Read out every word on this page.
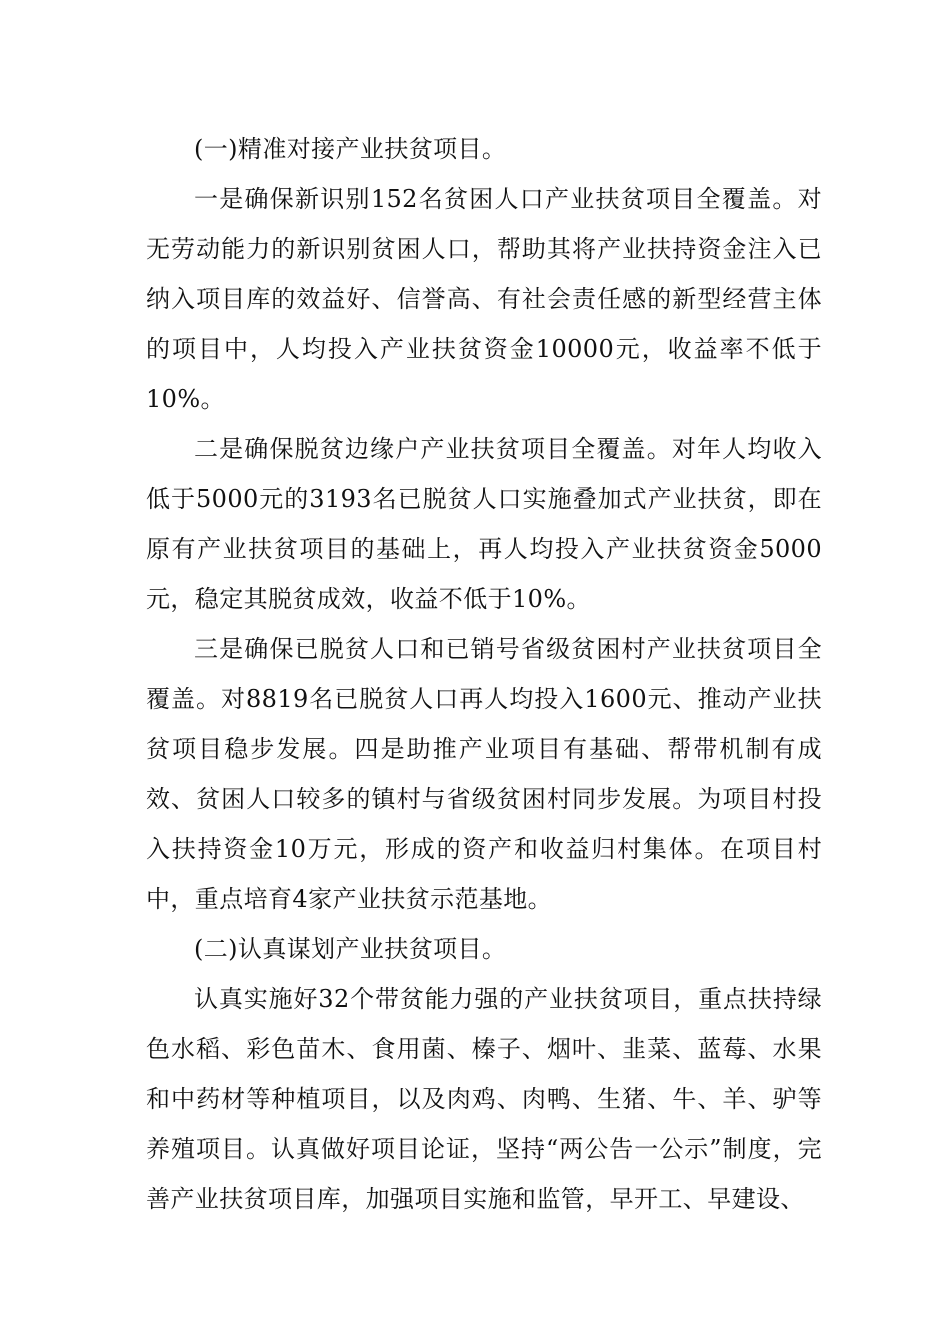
(一)精准对接产业扶贫项目。

一是确保新识别152名贫困人口产业扶贫项目全覆盖。对无劳动能力的新识别贫困人口，帮助其将产业扶持资金注入已纳入项目库的效益好、信誉高、有社会责任感的新型经营主体的项目中，人均投入产业扶贫资金10000元，收益率不低于10%。

二是确保脱贫边缘户产业扶贫项目全覆盖。对年人均收入低于5000元的3193名已脱贫人口实施叠加式产业扶贫，即在原有产业扶贫项目的基础上，再人均投入产业扶贫资金5000元，稳定其脱贫成效，收益不低于10%。

三是确保已脱贫人口和已销号省级贫困村产业扶贫项目全覆盖。对8819名已脱贫人口再人均投入1600元、推动产业扶贫项目稳步发展。四是助推产业项目有基础、帮带机制有成效、贫困人口较多的镇村与省级贫困村同步发展。为项目村投入扶持资金10万元，形成的资产和收益归村集体。在项目村中，重点培育4家产业扶贫示范基地。

(二)认真谋划产业扶贫项目。

认真实施好32个带贫能力强的产业扶贫项目，重点扶持绿色水稻、彩色苗木、食用菌、榛子、烟叶、韭菜、蓝莓、水果和中药材等种植项目，以及肉鸡、肉鸭、生猪、牛、羊、驴等养殖项目。认真做好项目论证，坚持“两公告一公示”制度，完善产业扶贫项目库，加强项目实施和监管，早开工、早建设、
